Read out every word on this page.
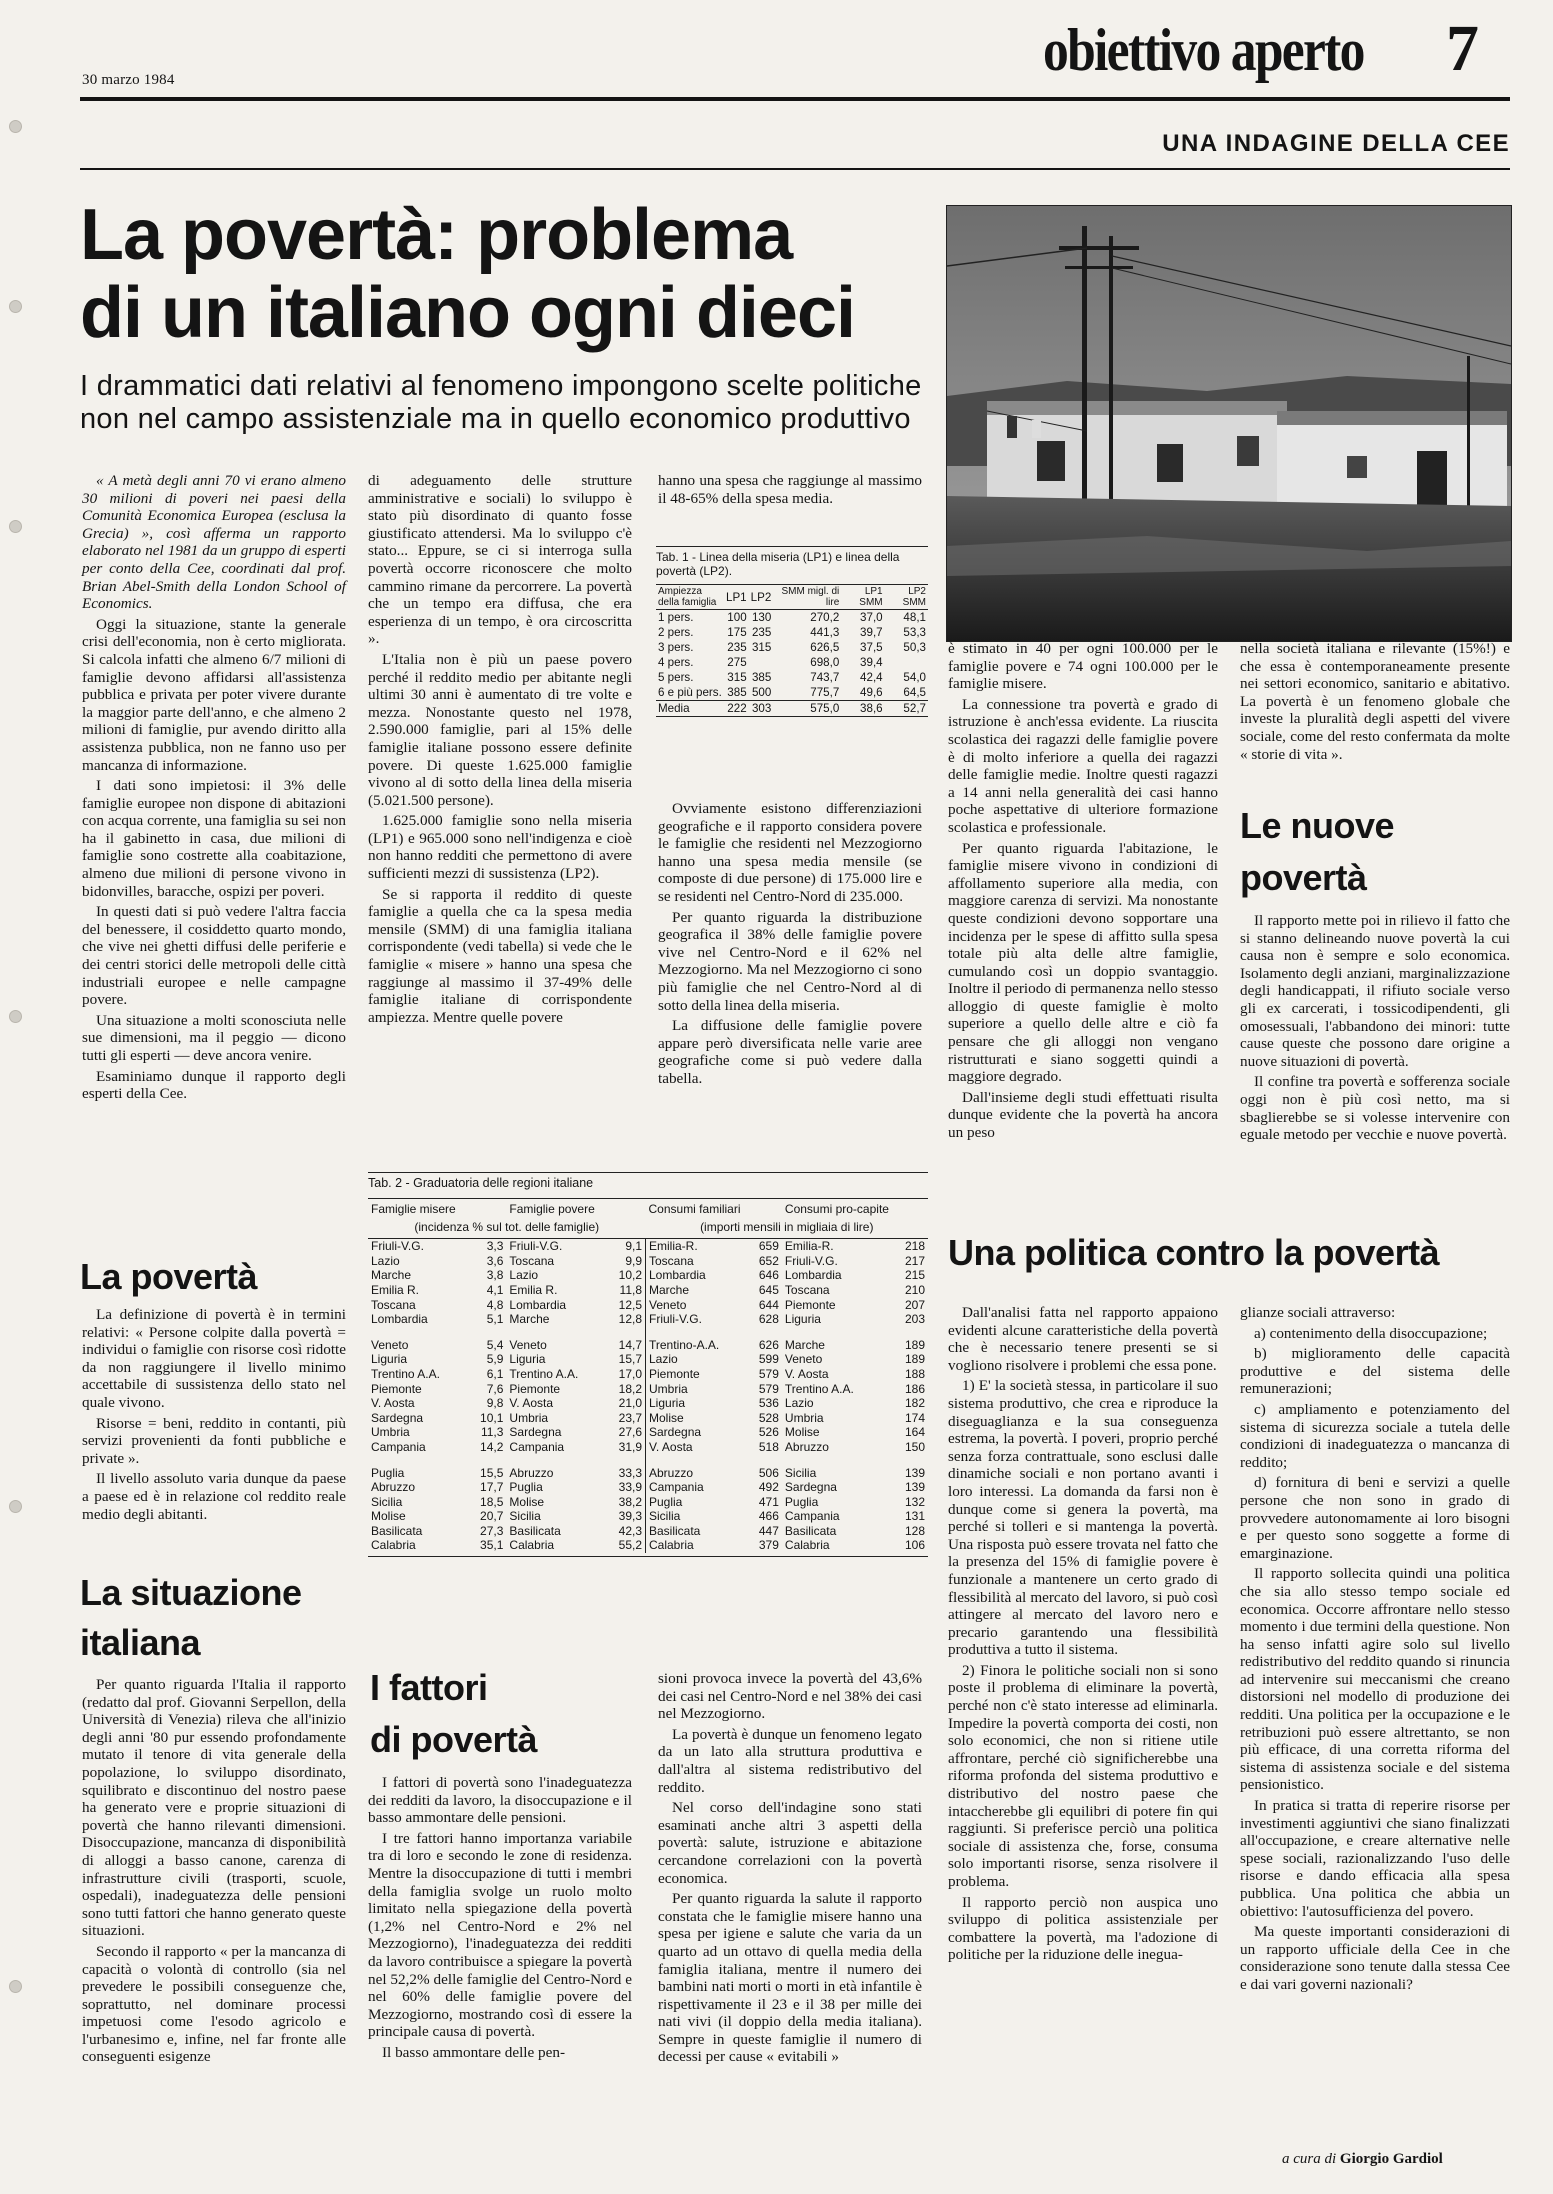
30 marzo 1984	obiettivo aperto 7
UNA INDAGINE DELLA CEE
La povertà: problema
di un italiano ogni dieci

I drammatici dati relativi al fenomeno impongono scelte politiche non nel campo assistenziale ma in quello economico produttivo

« A metà degli anni 70 vi erano almeno 30 milioni di poveri nei paesi della Comunità Economica Europea (esclusa la Grecia) », così afferma un rapporto elaborato nel 1981 da un gruppo di esperti per conto della Cee, coordinati dal prof. Brian Abel-Smith della London School of Economics.

Oggi la situazione, stante la generale crisi dell'economia, non è certo migliorata. Si calcola infatti che almeno 6/7 milioni di famiglie devono affidarsi all'assistenza pubblica e privata per poter vivere durante la maggior parte dell'anno, e che almeno 2 milioni di famiglie, pur avendo diritto alla assistenza pubblica, non ne fanno uso per mancanza di informazione.

I dati sono impietosi: il 3% delle famiglie europee non dispone di abitazioni con acqua corrente, una famiglia su sei non ha il gabinetto in casa, due milioni di famiglie sono costrette alla coabitazione, almeno due milioni di persone vivono in bidonvilles, baracche, ospizi per poveri.

In questi dati si può vedere l'altra faccia del benessere, il cosiddetto quarto mondo, che vive nei ghetti diffusi delle periferie e dei centri storici delle metropoli delle città industriali europee e nelle campagne povere.

Una situazione a molti sconosciuta nelle sue dimensioni, ma il peggio — dicono tutti gli esperti — deve ancora venire.

Esaminiamo dunque il rapporto degli esperti della Cee.

La povertà

La definizione di povertà è in termini relativi: « Persone colpite dalla povertà = individui o famiglie con risorse così ridotte da non raggiungere il livello minimo accettabile di sussistenza dello stato nel quale vivono.

Risorse = beni, reddito in contanti, più servizi provenienti da fonti pubbliche e private ».

Il livello assoluto varia dunque da paese a paese ed è in relazione col reddito reale medio degli abitanti.

La situazione
italiana

Per quanto riguarda l'Italia il rapporto (redatto dal prof. Giovanni Serpellon, della Università di Venezia) rileva che all'inizio degli anni '80 pur essendo profondamente mutato il tenore di vita generale della popolazione, lo sviluppo disordinato, squilibrato e discontinuo del nostro paese ha generato vere e proprie situazioni di povertà che hanno rilevanti dimensioni. Disoccupazione, mancanza di disponibilità di alloggi a basso canone, carenza di infrastrutture civili (trasporti, scuole, ospedali), inadeguatezza delle pensioni sono tutti fattori che hanno generato queste situazioni.

Secondo il rapporto « per la mancanza di capacità o volontà di controllo (sia nel prevedere le possibili conseguenze che, soprattutto, nel dominare processi impetuosi come l'esodo agricolo e l'urbanesimo e, infine, nel far fronte alle conseguenti esigenze

di adeguamento delle strutture amministrative e sociali) lo sviluppo è stato più disordinato di quanto fosse giustificato attendersi. Ma lo sviluppo c'è stato... Eppure, se ci si interroga sulla povertà occorre riconoscere che molto cammino rimane da percorrere. La povertà che un tempo era diffusa, che era esperienza di un tempo, è ora circoscritta ».

L'Italia non è più un paese povero perché il reddito medio per abitante negli ultimi 30 anni è aumentato di tre volte e mezza. Nonostante questo nel 1978, 2.590.000 famiglie, pari al 15% delle famiglie italiane possono essere definite povere. Di queste 1.625.000 famiglie vivono al di sotto della linea della miseria (5.021.500 persone).

1.625.000 famiglie sono nella miseria (LP1) e 965.000 sono nell'indigenza e cioè non hanno redditi che permettono di avere sufficienti mezzi di sussistenza (LP2).

Se si rapporta il reddito di queste famiglie a quella che ca la spesa media mensile (SMM) di una famiglia italiana corrispondente (vedi tabella) si vede che le famiglie « misere » hanno una spesa che raggiunge al massimo il 37-49% delle famiglie italiane di corrispondente ampiezza. Mentre quelle povere

hanno una spesa che raggiunge al massimo il 48-65% della spesa media.

Tab. 1 - Linea della miseria (LP1) e linea della povertà (LP2).
Ampiezza della famiglia	LP1	LP2	SMM migl. di lire	LP1 SMM	LP2 SMM
1 pers.	100	130	270,2	37,0	48,1
2 pers.	175	235	441,3	39,7	53,3
3 pers.	235	315	626,5	37,5	50,3
4 pers.	275		698,0	39,4	
5 pers.	315	385	743,7	42,4	54,0
6 e più pers.	385	500	775,7	49,6	64,5
Media	222	303	575,0	38,6	52,7

Ovviamente esistono differenziazioni geografiche e il rapporto considera povere le famiglie che residenti nel Mezzogiorno hanno una spesa media mensile (se composte di due persone) di 175.000 lire e se residenti nel Centro-Nord di 235.000.

Per quanto riguarda la distribuzione geografica il 38% delle famiglie povere vive nel Centro-Nord e il 62% nel Mezzogiorno. Ma nel Mezzogiorno ci sono più famiglie che nel Centro-Nord al di sotto della linea della miseria.

La diffusione delle famiglie povere appare però diversificata nelle varie aree geografiche come si può vedere dalla tabella.

Tab. 2 - Graduatoria delle regioni italiane
Famiglie misere		Famiglie povere		Consumi familiari		Consumi pro-capite	
(incidenza % sul tot. delle famiglie)				(importi mensili in migliaia di lire)			
Friuli-V.G.	3,3	Friuli-V.G.	9,1	Emilia-R.	659	Emilia-R.	218
Lazio	3,6	Toscana	9,9	Toscana	652	Friuli-V.G.	217
Marche	3,8	Lazio	10,2	Lombardia	646	Lombardia	215
Emilia R.	4,1	Emilia R.	11,8	Marche	645	Toscana	210
Toscana	4,8	Lombardia	12,5	Veneto	644	Piemonte	207
Lombardia	5,1	Marche	12,8	Friuli-V.G.	628	Liguria	203
Veneto	5,4	Veneto	14,7	Trentino-A.A.	626	Marche	189
Liguria	5,9	Liguria	15,7	Lazio	599	Veneto	189
Trentino A.A.	6,1	Trentino A.A.	17,0	Piemonte	579	V. Aosta	188
Piemonte	7,6	Piemonte	18,2	Umbria	579	Trentino A.A.	186
V. Aosta	9,8	V. Aosta	21,0	Liguria	536	Lazio	182
Sardegna	10,1	Umbria	23,7	Molise	528	Umbria	174
Umbria	11,3	Sardegna	27,6	Sardegna	526	Molise	164
Campania	14,2	Campania	31,9	V. Aosta	518	Abruzzo	150
Puglia	15,5	Abruzzo	33,3	Abruzzo	506	Sicilia	139
Abruzzo	17,7	Puglia	33,9	Campania	492	Sardegna	139
Sicilia	18,5	Molise	38,2	Puglia	471	Puglia	132
Molise	20,7	Sicilia	39,3	Sicilia	466	Campania	131
Basilicata	27,3	Basilicata	42,3	Basilicata	447	Basilicata	128
Calabria	35,1	Calabria	55,2	Calabria	379	Calabria	106

è stimato in 40 per ogni 100.000 per le famiglie povere e 74 ogni 100.000 per le famiglie misere.

La connessione tra povertà e grado di istruzione è anch'essa evidente. La riuscita scolastica dei ragazzi delle famiglie povere è di molto inferiore a quella dei ragazzi delle famiglie medie. Inoltre questi ragazzi a 14 anni nella generalità dei casi hanno poche aspettative di ulteriore formazione scolastica e professionale.

Per quanto riguarda l'abitazione, le famiglie misere vivono in condizioni di affollamento superiore alla media, con maggiore carenza di servizi. Ma nonostante queste condizioni devono sopportare una incidenza per le spese di affitto sulla spesa totale più alta delle altre famiglie, cumulando così un doppio svantaggio. Inoltre il periodo di permanenza nello stesso alloggio di queste famiglie è molto superiore a quello delle altre e ciò fa pensare che gli alloggi non vengano ristrutturati e siano soggetti quindi a maggiore degrado.

Dall'insieme degli studi effettuati risulta dunque evidente che la povertà ha ancora un peso

nella società italiana e rilevante (15%!) e che essa è contemporaneamente presente nei settori economico, sanitario e abitativo. La povertà è un fenomeno globale che investe la pluralità degli aspetti del vivere sociale, come del resto confermata da molte « storie di vita ».

Le nuove
povertà

Il rapporto mette poi in rilievo il fatto che si stanno delineando nuove povertà la cui causa non è sempre e solo economica. Isolamento degli anziani, marginalizzazione degli handicappati, il rifiuto sociale verso gli ex carcerati, i tossicodipendenti, gli omosessuali, l'abbandono dei minori: tutte cause queste che possono dare origine a nuove situazioni di povertà.

Il confine tra povertà e sofferenza sociale oggi non è più così netto, ma si sbaglierebbe se si volesse intervenire con eguale metodo per vecchie e nuove povertà.

Una politica contro la povertà

Dall'analisi fatta nel rapporto appaiono evidenti alcune caratteristiche della povertà che è necessario tenere presenti se si vogliono risolvere i problemi che essa pone.

1) E' la società stessa, in particolare il suo sistema produttivo, che crea e riproduce la diseguaglianza e la sua conseguenza estrema, la povertà. I poveri, proprio perché senza forza contrattuale, sono esclusi dalle dinamiche sociali e non portano avanti i loro interessi. La domanda da farsi non è dunque come si genera la povertà, ma perché si tolleri e si mantenga la povertà. Una risposta può essere trovata nel fatto che la presenza del 15% di famiglie povere è funzionale a mantenere un certo grado di flessibilità al mercato del lavoro, si può così attingere al mercato del lavoro nero e precario garantendo una flessibilità produttiva a tutto il sistema.

2) Finora le politiche sociali non si sono poste il problema di eliminare la povertà, perché non c'è stato interesse ad eliminarla. Impedire la povertà comporta dei costi, non solo economici, che non si ritiene utile affrontare, perché ciò significherebbe una riforma profonda del sistema produttivo e distributivo del nostro paese che intaccherebbe gli equilibri di potere fin qui raggiunti. Si preferisce perciò una politica sociale di assistenza che, forse, consuma solo importanti risorse, senza risolvere il problema.

Il rapporto perciò non auspica uno sviluppo di politica assistenziale per combattere la povertà, ma l'adozione di politiche per la riduzione delle inegua-

glianze sociali attraverso:

a) contenimento della disoccupazione;

b) miglioramento delle capacità produttive e del sistema delle remunerazioni;

c) ampliamento e potenziamento del sistema di sicurezza sociale a tutela delle condizioni di inadeguatezza o mancanza di reddito;

d) fornitura di beni e servizi a quelle persone che non sono in grado di provvedere autonomamente ai loro bisogni e per questo sono soggette a forme di emarginazione.

Il rapporto sollecita quindi una politica che sia allo stesso tempo sociale ed economica. Occorre affrontare nello stesso momento i due termini della questione. Non ha senso infatti agire solo sul livello redistributivo del reddito quando si rinuncia ad intervenire sui meccanismi che creano distorsioni nel modello di produzione dei redditi. Una politica per la occupazione e le retribuzioni può essere altrettanto, se non più efficace, di una corretta riforma del sistema di assistenza sociale e del sistema pensionistico.

In pratica si tratta di reperire risorse per investimenti aggiuntivi che siano finalizzati all'occupazione, e creare alternative nelle spese sociali, razionalizzando l'uso delle risorse e dando efficacia alla spesa pubblica. Una politica che abbia un obiettivo: l'autosufficienza del povero.

Ma queste importanti considerazioni di un rapporto ufficiale della Cee in che considerazione sono tenute dalla stessa Cee e dai vari governi nazionali?

a cura di Giorgio Gardiol
I fattori
di povertà

I fattori di povertà sono l'inadeguatezza dei redditi da lavoro, la disoccupazione e il basso ammontare delle pensioni.

I tre fattori hanno importanza variabile tra di loro e secondo le zone di residenza. Mentre la disoccupazione di tutti i membri della famiglia svolge un ruolo molto limitato nella spiegazione della povertà (1,2% nel Centro-Nord e 2% nel Mezzogiorno), l'inadeguatezza dei redditi da lavoro contribuisce a spiegare la povertà nel 52,2% delle famiglie del Centro-Nord e nel 60% delle famiglie povere del Mezzogiorno, mostrando così di essere la principale causa di povertà.

Il basso ammontare delle pen-

sioni provoca invece la povertà del 43,6% dei casi nel Centro-Nord e nel 38% dei casi nel Mezzogiorno.

La povertà è dunque un fenomeno legato da un lato alla struttura produttiva e dall'altra al sistema redistributivo del reddito.

Nel corso dell'indagine sono stati esaminati anche altri 3 aspetti della povertà: salute, istruzione e abitazione cercandone correlazioni con la povertà economica.

Per quanto riguarda la salute il rapporto constata che le famiglie misere hanno una spesa per igiene e salute che varia da un quarto ad un ottavo di quella media della famiglia italiana, mentre il numero dei bambini nati morti o morti in età infantile è rispettivamente il 23 e il 38 per mille dei nati vivi (il doppio della media italiana). Sempre in queste famiglie il numero di decessi per cause « evitabili »
